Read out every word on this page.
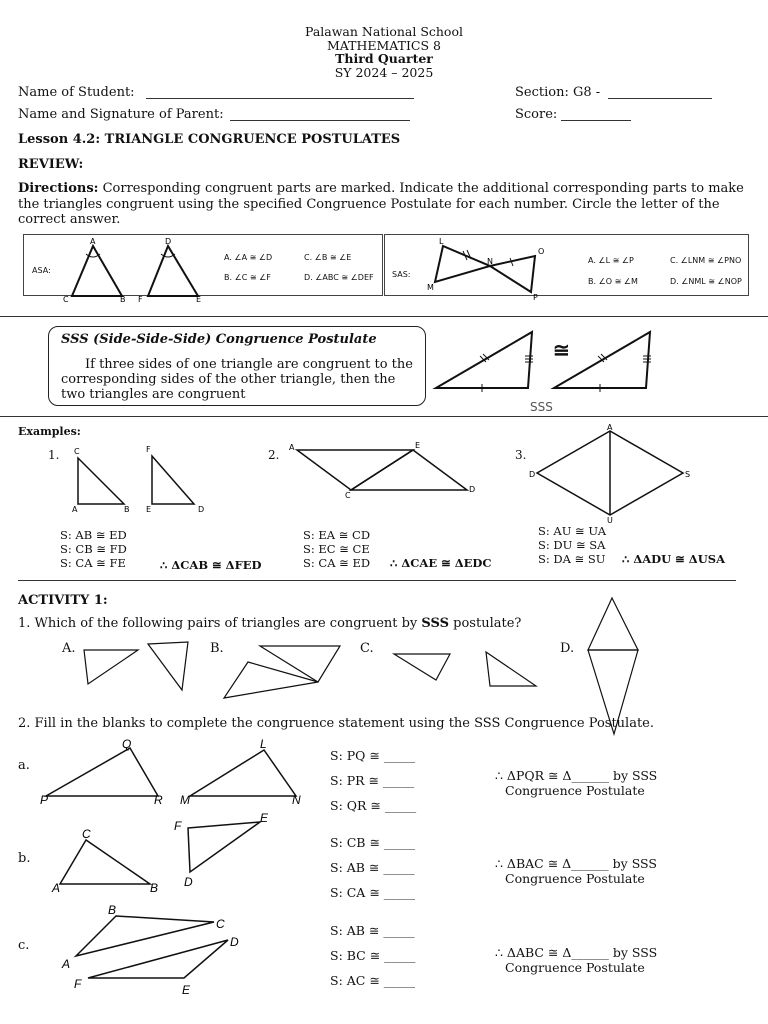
Palawan National School
MATHEMATICS 8
Third Quarter
SY 2024 – 2025
Name of Student:	Section: G8 -
Name and Signature of Parent:	Score:
Lesson 4.2: TRIANGLE CONGRUENCE POSTULATES
REVIEW:
Directions: Corresponding congruent parts are marked. Indicate the additional corresponding parts to make the triangles congruent using the specified Congruence Postulate for each number. Circle the letter of the correct answer.
ASA:
A	D
C	B F	E
A. ∠A ≅ ∠D
B. ∠C ≅ ∠F
C. ∠B ≅ ∠E
D. ∠ABC ≅ ∠DEF SAS:
L
O
M
P
N	A. ∠L ≅ ∠P
B. ∠O ≅ ∠M
C. ∠LNM ≅ ∠PNO
D. ∠NML ≅ ∠NOP
SSS (Side-Side-Side) Congruence Postulate
If three sides of one triangle are congruent to the corresponding sides of the other triangle, then the two triangles are congruent
≅
SSS
Examples:
1. C
A	B
F
E	D
S: AB ≅ ED
S: CB ≅ FD
S: CA ≅ FE	∴ ΔCAB ≅ ΔFED
2.
A	E
C
D
S: EA ≅ CD
S: EC ≅ CE
S: CA ≅ ED ∴ ΔCAE ≅ ΔEDC
3.
A
D
U
S
S: AU ≅ UA
S: DU ≅ SA
S: DA ≅ SU ∴ ΔADU ≅ ΔUSA
ACTIVITY 1:
1. Which of the following pairs of triangles are congruent by SSS postulate?
A.	B.	C.	D.
2. Fill in the blanks to complete the congruence statement using the SSS Congruence Postulate.
a.
Q
P	R
L
M	N
S: PQ ≅ _____
S: PR ≅ _____
S: QR ≅ _____
∴ ΔPQR ≅ Δ______ by SSS
Congruence Postulate
b.
C
A	B
F
E
D
S: CB ≅ _____
S: AB ≅ _____
S: CA ≅ _____
∴ ΔBAC ≅ Δ______ by SSS
Congruence Postulate
c.
B
C
A
D
F	E
S: AB ≅ _____
S: BC ≅ _____
S: AC ≅ _____
∴ ΔABC ≅ Δ______ by SSS
Congruence Postulate
